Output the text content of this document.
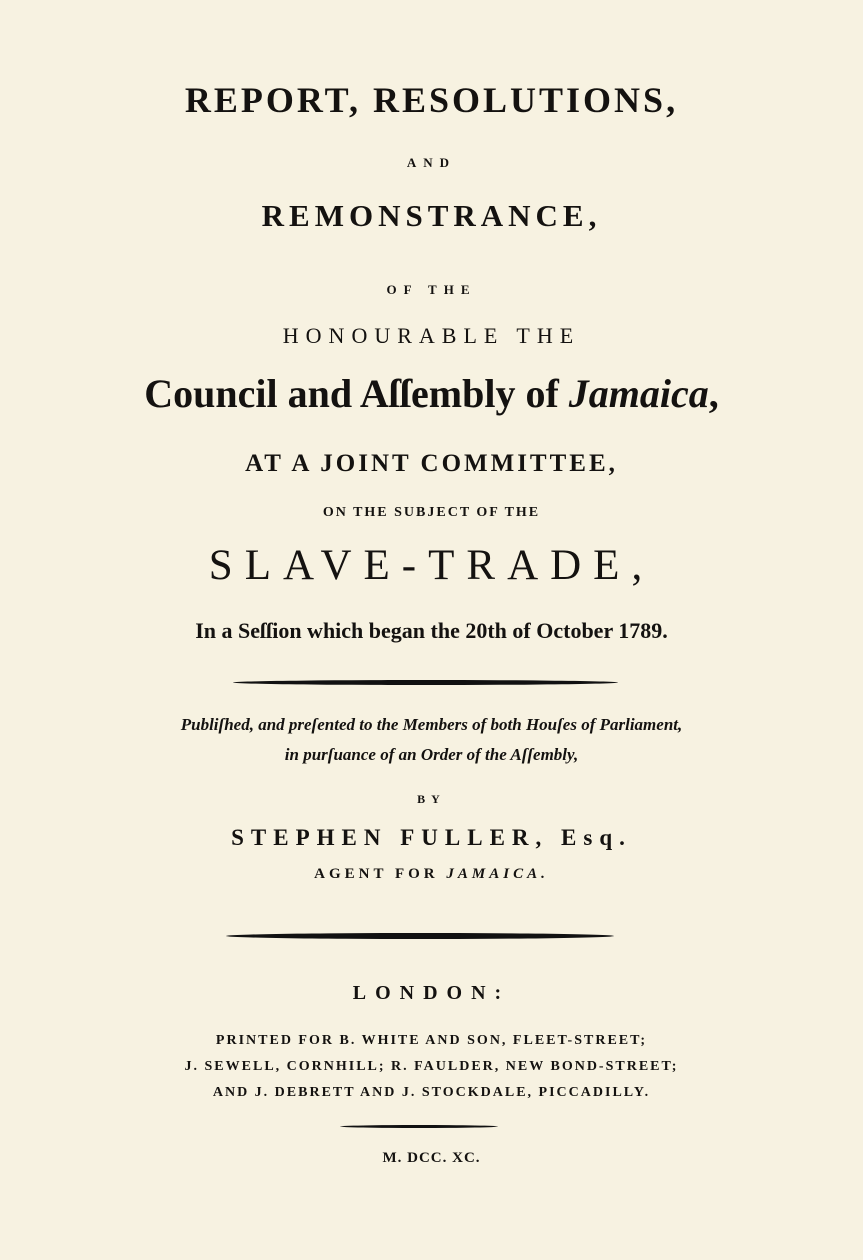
REPORT, RESOLUTIONS,
AND
REMONSTRANCE,
OF THE
HONOURABLE THE
Council and Aſſembly of Jamaica,
AT A JOINT COMMITTEE,
ON THE SUBJECT OF THE
SLAVE-TRADE,
In a Seſſion which began the 20th of October 1789.
Publiſhed, and preſented to the Members of both Houſes of Parliament,
in purſuance of an Order of the Aſſembly,
BY
STEPHEN FULLER, Esq.
AGENT FOR JAMAICA.
LONDON:
PRINTED FOR B. WHITE AND SON, FLEET-STREET;
J. SEWELL, CORNHILL; R. FAULDER, NEW BOND-STREET;
AND J. DEBRETT AND J. STOCKDALE, PICCADILLY.
M. DCC. XC.
